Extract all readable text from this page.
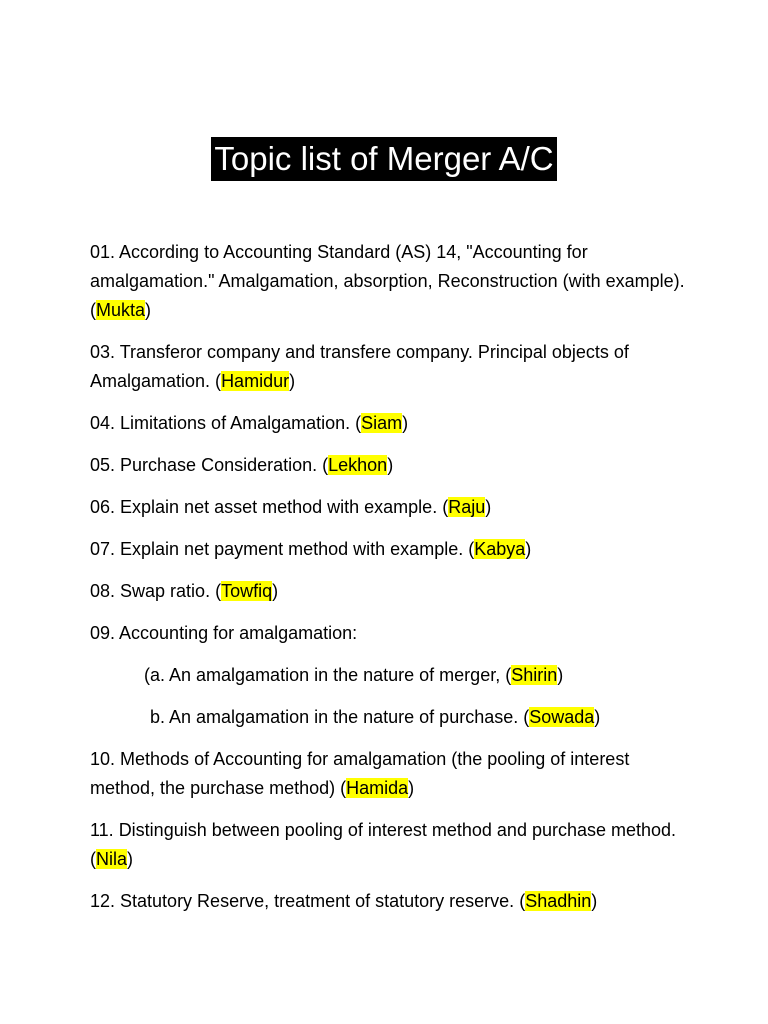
Topic list of Merger A/C

01. According to Accounting Standard (AS) 14, "Accounting for amalgamation." Amalgamation, absorption, Reconstruction (with example). (Mukta)

03. Transferor company and transfere company. Principal objects of Amalgamation. (Hamidur)

04. Limitations of Amalgamation. (Siam)

05. Purchase Consideration. (Lekhon)

06. Explain net asset method with example. (Raju)

07. Explain net payment method with example. (Kabya)

08. Swap ratio. (Towfiq)

09. Accounting for amalgamation:

(a. An amalgamation in the nature of merger, (Shirin)

b. An amalgamation in the nature of purchase. (Sowada)

10. Methods of Accounting for amalgamation (the pooling of interest method, the purchase method) (Hamida)

11. Distinguish between pooling of interest method and purchase method. (Nila)

12. Statutory Reserve, treatment of statutory reserve. (Shadhin)
